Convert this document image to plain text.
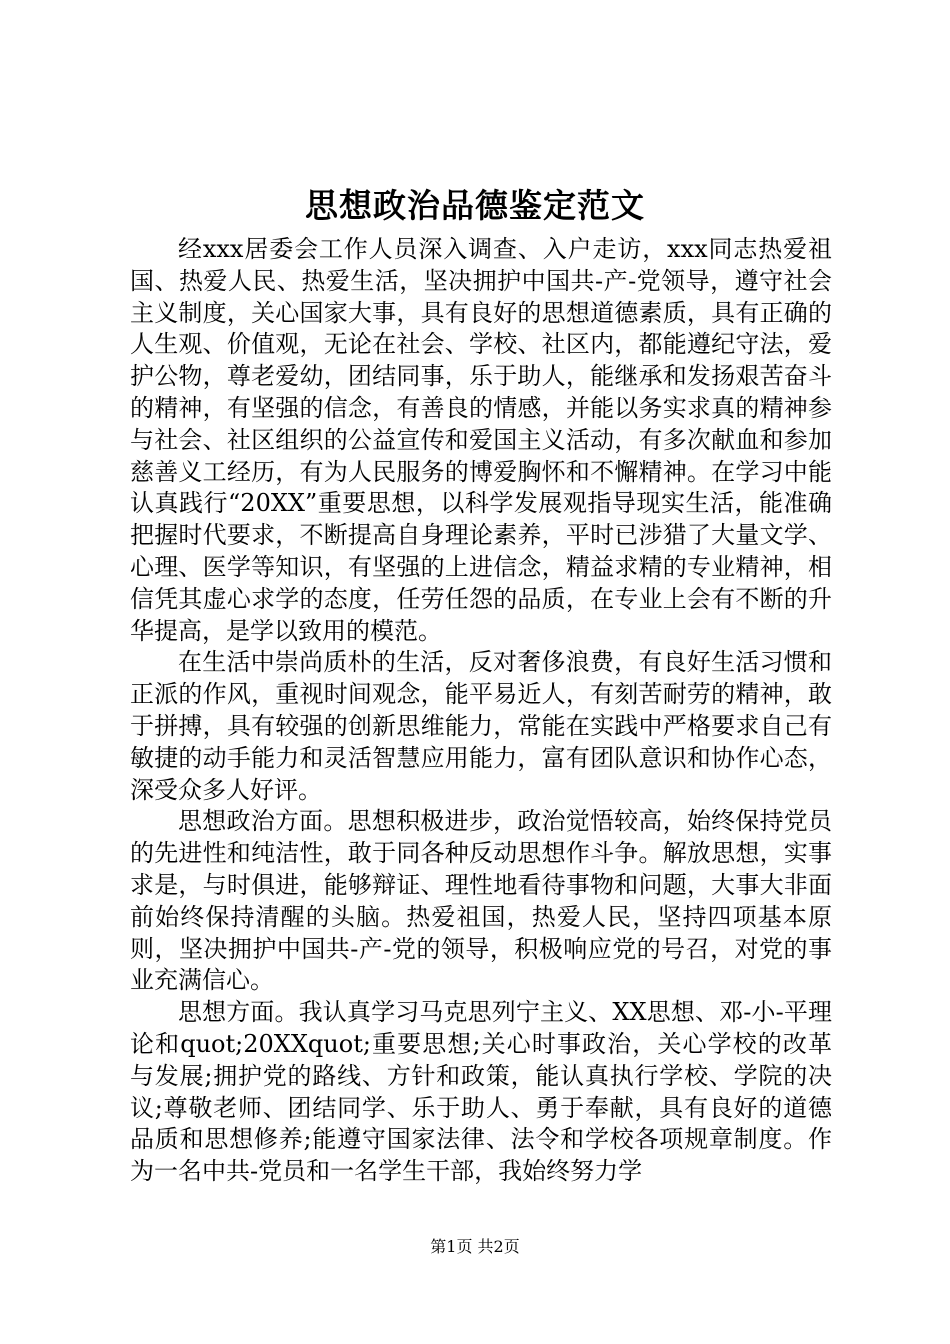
思想政治品德鉴定范文

经xxx居委会工作人员深入调查、入户走访，xxx同志热爱祖国、热爱人民、热爱生活，坚决拥护中国共-产-党领导，遵守社会主义制度，关心国家大事，具有良好的思想道德素质，具有正确的人生观、价值观，无论在社会、学校、社区内，都能遵纪守法，爱护公物，尊老爱幼，团结同事，乐于助人，能继承和发扬艰苦奋斗的精神，有坚强的信念，有善良的情感，并能以务实求真的精神参与社会、社区组织的公益宣传和爱国主义活动，有多次献血和参加慈善义工经历，有为人民服务的博爱胸怀和不懈精神。在学习中能认真践行“20XX”重要思想，以科学发展观指导现实生活，能准确把握时代要求，不断提高自身理论素养，平时已涉猎了大量文学、心理、医学等知识，有坚强的上进信念，精益求精的专业精神，相信凭其虚心求学的态度，任劳任怨的品质，在专业上会有不断的升华提高，是学以致用的模范。

在生活中崇尚质朴的生活，反对奢侈浪费，有良好生活习惯和正派的作风，重视时间观念，能平易近人，有刻苦耐劳的精神，敢于拼搏，具有较强的创新思维能力，常能在实践中严格要求自己有敏捷的动手能力和灵活智慧应用能力，富有团队意识和协作心态，深受众多人好评。

思想政治方面。思想积极进步，政治觉悟较高，始终保持党员的先进性和纯洁性，敢于同各种反动思想作斗争。解放思想，实事求是，与时俱进，能够辩证、理性地看待事物和问题，大事大非面前始终保持清醒的头脑。热爱祖国，热爱人民，坚持四项基本原则，坚决拥护中国共-产-党的领导，积极响应党的号召，对党的事业充满信心。

思想方面。我认真学习马克思列宁主义、XX思想、邓-小-平理论和quot;20XXquot;重要思想;关心时事政治，关心学校的改革与发展;拥护党的路线、方针和政策，能认真执行学校、学院的决议;尊敬老师、团结同学、乐于助人、勇于奉献，具有良好的道德品质和思想修养;能遵守国家法律、法令和学校各项规章制度。作为一名中共-党员和一名学生干部，我始终努力学

第1页 共2页
